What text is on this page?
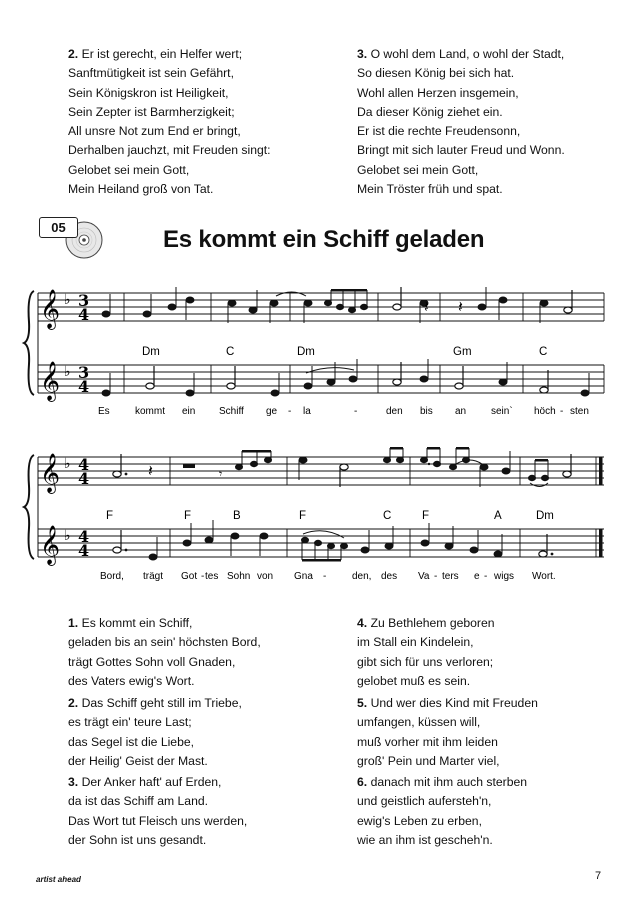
2. Er ist gerecht, ein Helfer wert;
Sanftmütigkeit ist sein Gefährt,
Sein Königskron ist Heiligkeit,
Sein Zepter ist Barmherzigkeit;
All unsre Not zum End er bringt,
Derhalben jauchzt, mit Freuden singt:
Gelobet sei mein Gott,
Mein Heiland groß von Tat.
3. O wohl dem Land, o wohl der Stadt,
So diesen König bei sich hat.
Wohl allen Herzen insgemein,
Da dieser König ziehet ein.
Er ist die rechte Freudensonn,
Bringt mit sich lauter Freud und Wonn.
Gelobet sei mein Gott,
Mein Tröster früh und spat.
05	Es kommt ein Schiff geladen
𝄞
𝄞
♭
♭
3
4
3
4
𝄽 𝄽
Dm	C	Dm	Gm	C
Es	kommt ein Schiff ge - la	-	den bis an sein` höch - sten
𝄞
𝄞
♭
♭
4
4
4
4
𝄽	𝄾
F	F	B	F	C	F	A	Dm
Bord, trägt Got - tes Sohn von Gna -	den, des Va - ters e - wigs Wort.
1. Es kommt ein Schiff,
geladen bis an sein' höchsten Bord,
trägt Gottes Sohn voll Gnaden,
des Vaters ewig's Wort.
2. Das Schiff geht still im Triebe,
es trägt ein' teure Last;
das Segel ist die Liebe,
der Heilig' Geist der Mast.
3. Der Anker haft' auf Erden,
da ist das Schiff am Land.
Das Wort tut Fleisch uns werden,
der Sohn ist uns gesandt.
4. Zu Bethlehem geboren
im Stall ein Kindelein,
gibt sich für uns verloren;
gelobet muß es sein.
5. Und wer dies Kind mit Freuden
umfangen, küssen will,
muß vorher mit ihm leiden
groß' Pein und Marter viel,
6. danach mit ihm auch sterben
und geistlich aufersteh'n,
ewig's Leben zu erben,
wie an ihm ist gescheh'n.
artist ahead	7
